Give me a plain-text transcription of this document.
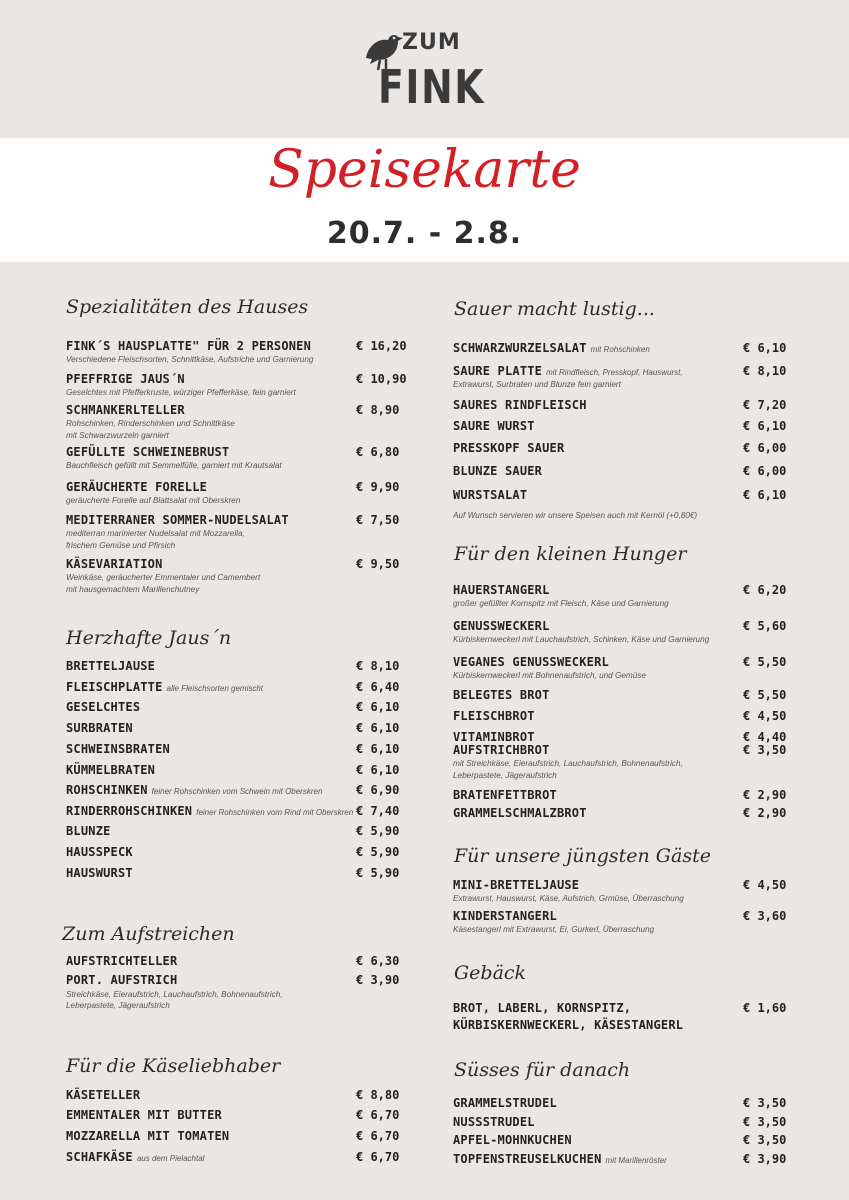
ZUM
FINK
Speisekarte
20.7. - 2.8.
Spezialitäten des Hauses
FINK´S HAUSPLATTE" FÜR 2 PERSONEN
Verschiedene Fleischsorten, Schnittkäse, Aufstriche und Garnierung
€ 16,20
PFEFFRIGE JAUS´N
Geselchtes mit Pfefferkruste, würziger Pfefferkäse, fein garniert
€ 10,90
SCHMANKERLTELLER
Rohschinken, Rinderschinken und Schnittkäse
mit Schwarzwurzeln garniert
€ 8,90
GEFÜLLTE SCHWEINEBRUST
Bauchfleisch gefüllt mit Semmelfülle, garniert mit Krautsalat
€ 6,80
GERÄUCHERTE FORELLE
geräucherte Forelle auf Blattsalat mit Oberskren
€ 9,90
MEDITERRANER SOMMER-NUDELSALAT
mediterran marinierter Nudelsalat mit Mozzarella,
frischem Gemüse und Pfirsich
€ 7,50
KÄSEVARIATION
Weinkäse, geräucherter Emmentaler und Camembert
mit hausgemachtem Marillenchutney
€ 9,50
Herzhafte Jaus´n
BRETTELJAUSE	€ 8,10
FLEISCHPLATTE alle Fleischsorten gemischt	€ 6,40
GESELCHTES	€ 6,10
SURBRATEN	€ 6,10
SCHWEINSBRATEN	€ 6,10
KÜMMELBRATEN	€ 6,10
ROHSCHINKEN feiner Rohschinken vom Schwein mit Oberskren	€ 6,90
RINDERROHSCHINKEN feiner Rohschinken vom Rind mit Oberskren € 7,40
BLUNZE	€ 5,90
HAUSSPECK	€ 5,90
HAUSWURST	€ 5,90
Zum Aufstreichen
AUFSTRICHTELLER	€ 6,30
PORT. AUFSTRICH	€ 3,90
Streichkäse, Eieraufstrich, Lauchaufstrich, Bohnenaufstrich,
Leberpastete, Jägeraufstrich
Für die Käseliebhaber
KÄSETELLER	€ 8,80
EMMENTALER MIT BUTTER	€ 6,70
MOZZARELLA MIT TOMATEN	€ 6,70
SCHAFKÄSE aus dem Pielachtal	€ 6,70
Sauer macht lustig...
SCHWARZWURZELSALAT mit Rohschinken	€ 6,10
SAURE PLATTE mit Rindfleisch, Presskopf, Hauswurst,
Extrawurst, Surbraten und Blunze fein garniert
€ 8,10
SAURES RINDFLEISCH	€ 7,20
SAURE WURST	€ 6,10
PRESSKOPF SAUER	€ 6,00
BLUNZE SAUER	€ 6,00
WURSTSALAT	€ 6,10
Auf Wunsch servieren wir unsere Speisen auch mit Kernöl (+0,80€)
Für den kleinen Hunger
HAUERSTANGERL
großer gefüllter Kornspitz mit Fleisch, Käse und Garnierung
€ 6,20
GENUSSWECKERL
Kürbiskernweckerl mit Lauchaufstrich, Schinken, Käse und Garnierung
€ 5,60
VEGANES GENUSSWECKERL
Kürbiskernweckerl mit Bohnenaufstrich, und Gemüse
€ 5,50
BELEGTES BROT	€ 5,50
FLEISCHBROT	€ 4,50
VITAMINBROT	€ 4,40
AUFSTRICHBROT
mit Streichkäse, Eieraufstrich, Lauchaufstrich, Bohnenaufstrich,
Leberpastete, Jägeraufstrich
€ 3,50
BRATENFETTBROT	€ 2,90
GRAMMELSCHMALZBROT	€ 2,90
Für unsere jüngsten Gäste
MINI-BRETTELJAUSE
Extrawurst, Hauswurst, Käse, Aufstrich, Grmüse, Überraschung
€ 4,50
KINDERSTANGERL
Käsestangerl mit Extrawurst, Ei, Gurkerl, Überraschung
€ 3,60
Gebäck
BROT, LABERL, KORNSPITZ,	€ 1,60
KÜRBISKERNWECKERL, KÄSESTANGERL
Süsses für danach
GRAMMELSTRUDEL	€ 3,50
NUSSSTRUDEL	€ 3,50
APFEL-MOHNKUCHEN	€ 3,50
TOPFENSTREUSELKUCHEN mit Marillenröster	€ 3,90
